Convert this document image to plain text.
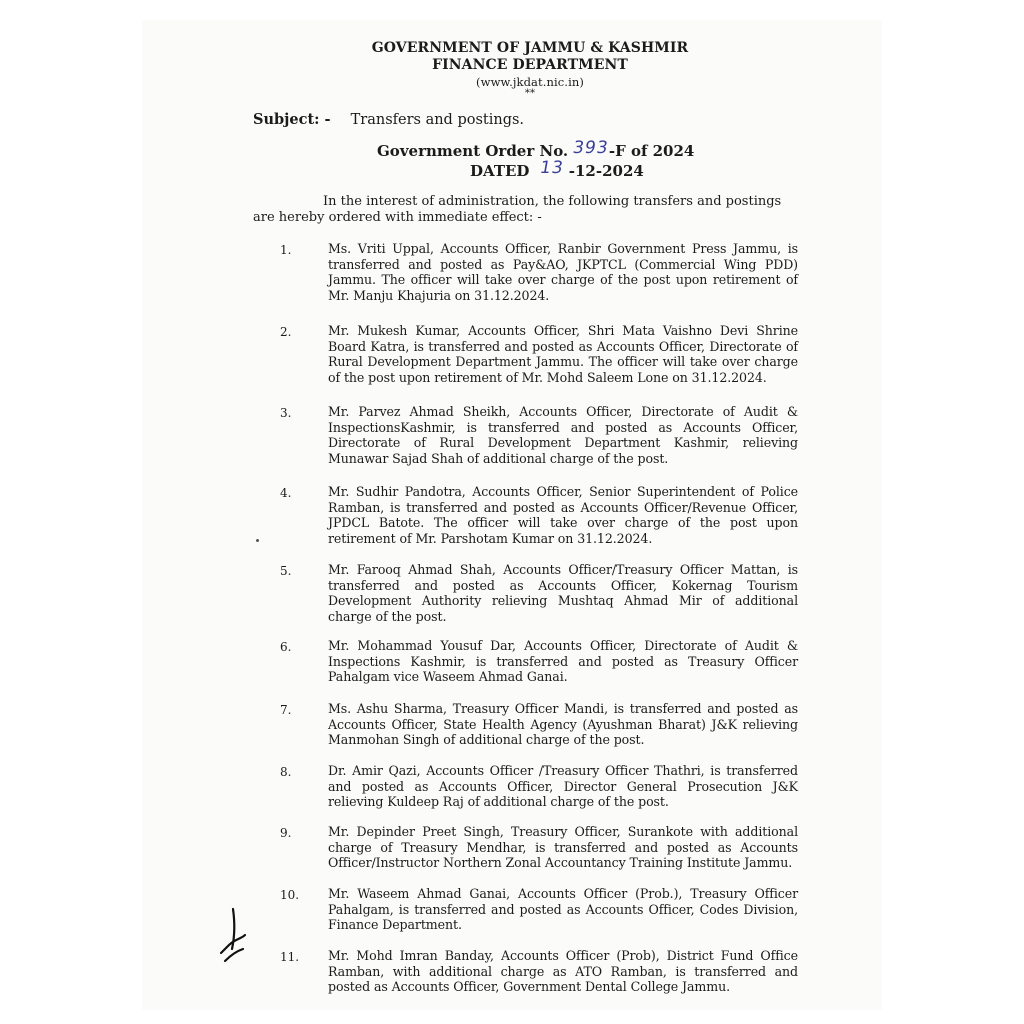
GOVERNMENT OF JAMMU & KASHMIR
FINANCE DEPARTMENT
(www.jkdat.nic.in)
**
Subject: - Transfers and postings.
Government Order No. 393-F of 2024
DATED 13 -12-2024
In the interest of administration, the following transfers and postings are hereby ordered with immediate effect: -
1.	Ms. Vriti Uppal, Accounts Officer, Ranbir Government Press Jammu, is transferred and posted as Pay&AO, JKPTCL (Commercial Wing PDD) Jammu. The officer will take over charge of the post upon retirement of Mr. Manju Khajuria on 31.12.2024.
2.	Mr. Mukesh Kumar, Accounts Officer, Shri Mata Vaishno Devi Shrine Board Katra, is transferred and posted as Accounts Officer, Directorate of Rural Development Department Jammu. The officer will take over charge of the post upon retirement of Mr. Mohd Saleem Lone on 31.12.2024.
3.	Mr. Parvez Ahmad Sheikh, Accounts Officer, Directorate of Audit & InspectionsKashmir, is transferred and posted as Accounts Officer, Directorate of Rural Development Department Kashmir, relieving Munawar Sajad Shah of additional charge of the post.
4.	Mr. Sudhir Pandotra, Accounts Officer, Senior Superintendent of Police Ramban, is transferred and posted as Accounts Officer/Revenue Officer, JPDCL Batote. The officer will take over charge of the post upon retirement of Mr. Parshotam Kumar on 31.12.2024.
5.	Mr. Farooq Ahmad Shah, Accounts Officer/Treasury Officer Mattan, is transferred and posted as Accounts Officer, Kokernag Tourism Development Authority relieving Mushtaq Ahmad Mir of additional charge of the post.
6.	Mr. Mohammad Yousuf Dar, Accounts Officer, Directorate of Audit & Inspections Kashmir, is transferred and posted as Treasury Officer Pahalgam vice Waseem Ahmad Ganai.
7.	Ms. Ashu Sharma, Treasury Officer Mandi, is transferred and posted as Accounts Officer, State Health Agency (Ayushman Bharat) J&K relieving Manmohan Singh of additional charge of the post.
8.	Dr. Amir Qazi, Accounts Officer /Treasury Officer Thathri, is transferred and posted as Accounts Officer, Director General Prosecution J&K relieving Kuldeep Raj of additional charge of the post.
9.	Mr. Depinder Preet Singh, Treasury Officer, Surankote with additional charge of Treasury Mendhar, is transferred and posted as Accounts Officer/Instructor Northern Zonal Accountancy Training Institute Jammu.
10. Mr. Waseem Ahmad Ganai, Accounts Officer (Prob.), Treasury Officer Pahalgam, is transferred and posted as Accounts Officer, Codes Division, Finance Department.
11. Mr. Mohd Imran Banday, Accounts Officer (Prob), District Fund Office Ramban, with additional charge as ATO Ramban, is transferred and posted as Accounts Officer, Government Dental College Jammu.
